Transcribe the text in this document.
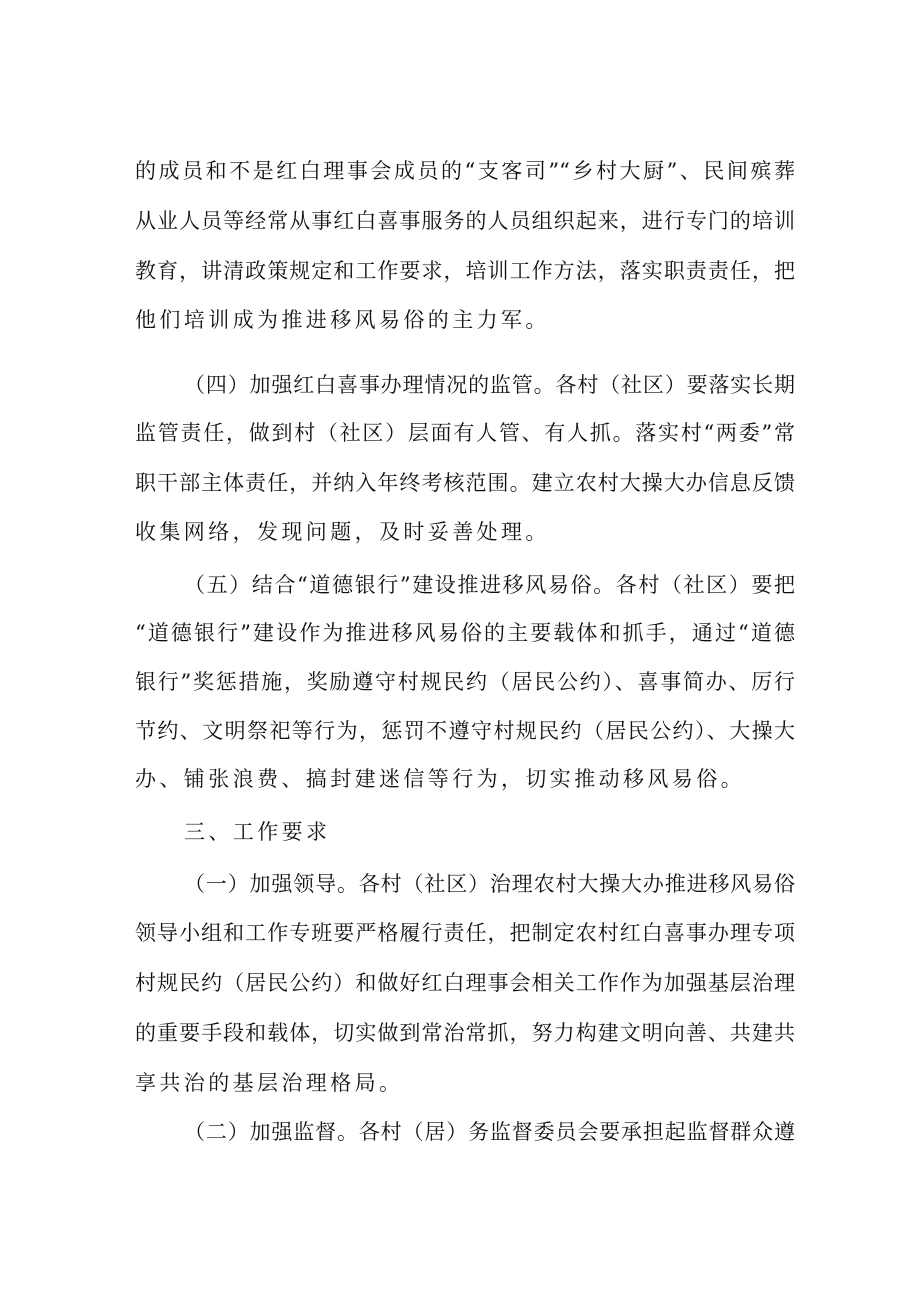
的成员和不是红白理事会成员的“支客司”“乡村大厨”、民间殡葬
从业人员等经常从事红白喜事服务的人员组织起来，进行专门的培训
教育，讲清政策规定和工作要求，培训工作方法，落实职责责任，把
他们培训成为推进移风易俗的主力军。
（四）加强红白喜事办理情况的监管。各村（社区）要落实长期
监管责任，做到村（社区）层面有人管、有人抓。落实村“两委”常
职干部主体责任，并纳入年终考核范围。建立农村大操大办信息反馈
收集网络，发现问题，及时妥善处理。
（五）结合“道德银行”建设推进移风易俗。各村（社区）要把
“道德银行”建设作为推进移风易俗的主要载体和抓手，通过“道德
银行”奖惩措施，奖励遵守村规民约（居民公约）、喜事简办、厉行
节约、文明祭祀等行为，惩罚不遵守村规民约（居民公约）、大操大
办、铺张浪费、搞封建迷信等行为，切实推动移风易俗。
三、工作要求
（一）加强领导。各村（社区）治理农村大操大办推进移风易俗
领导小组和工作专班要严格履行责任，把制定农村红白喜事办理专项
村规民约（居民公约）和做好红白理事会相关工作作为加强基层治理
的重要手段和载体，切实做到常治常抓，努力构建文明向善、共建共
享共治的基层治理格局。
（二）加强监督。各村（居）务监督委员会要承担起监督群众遵
